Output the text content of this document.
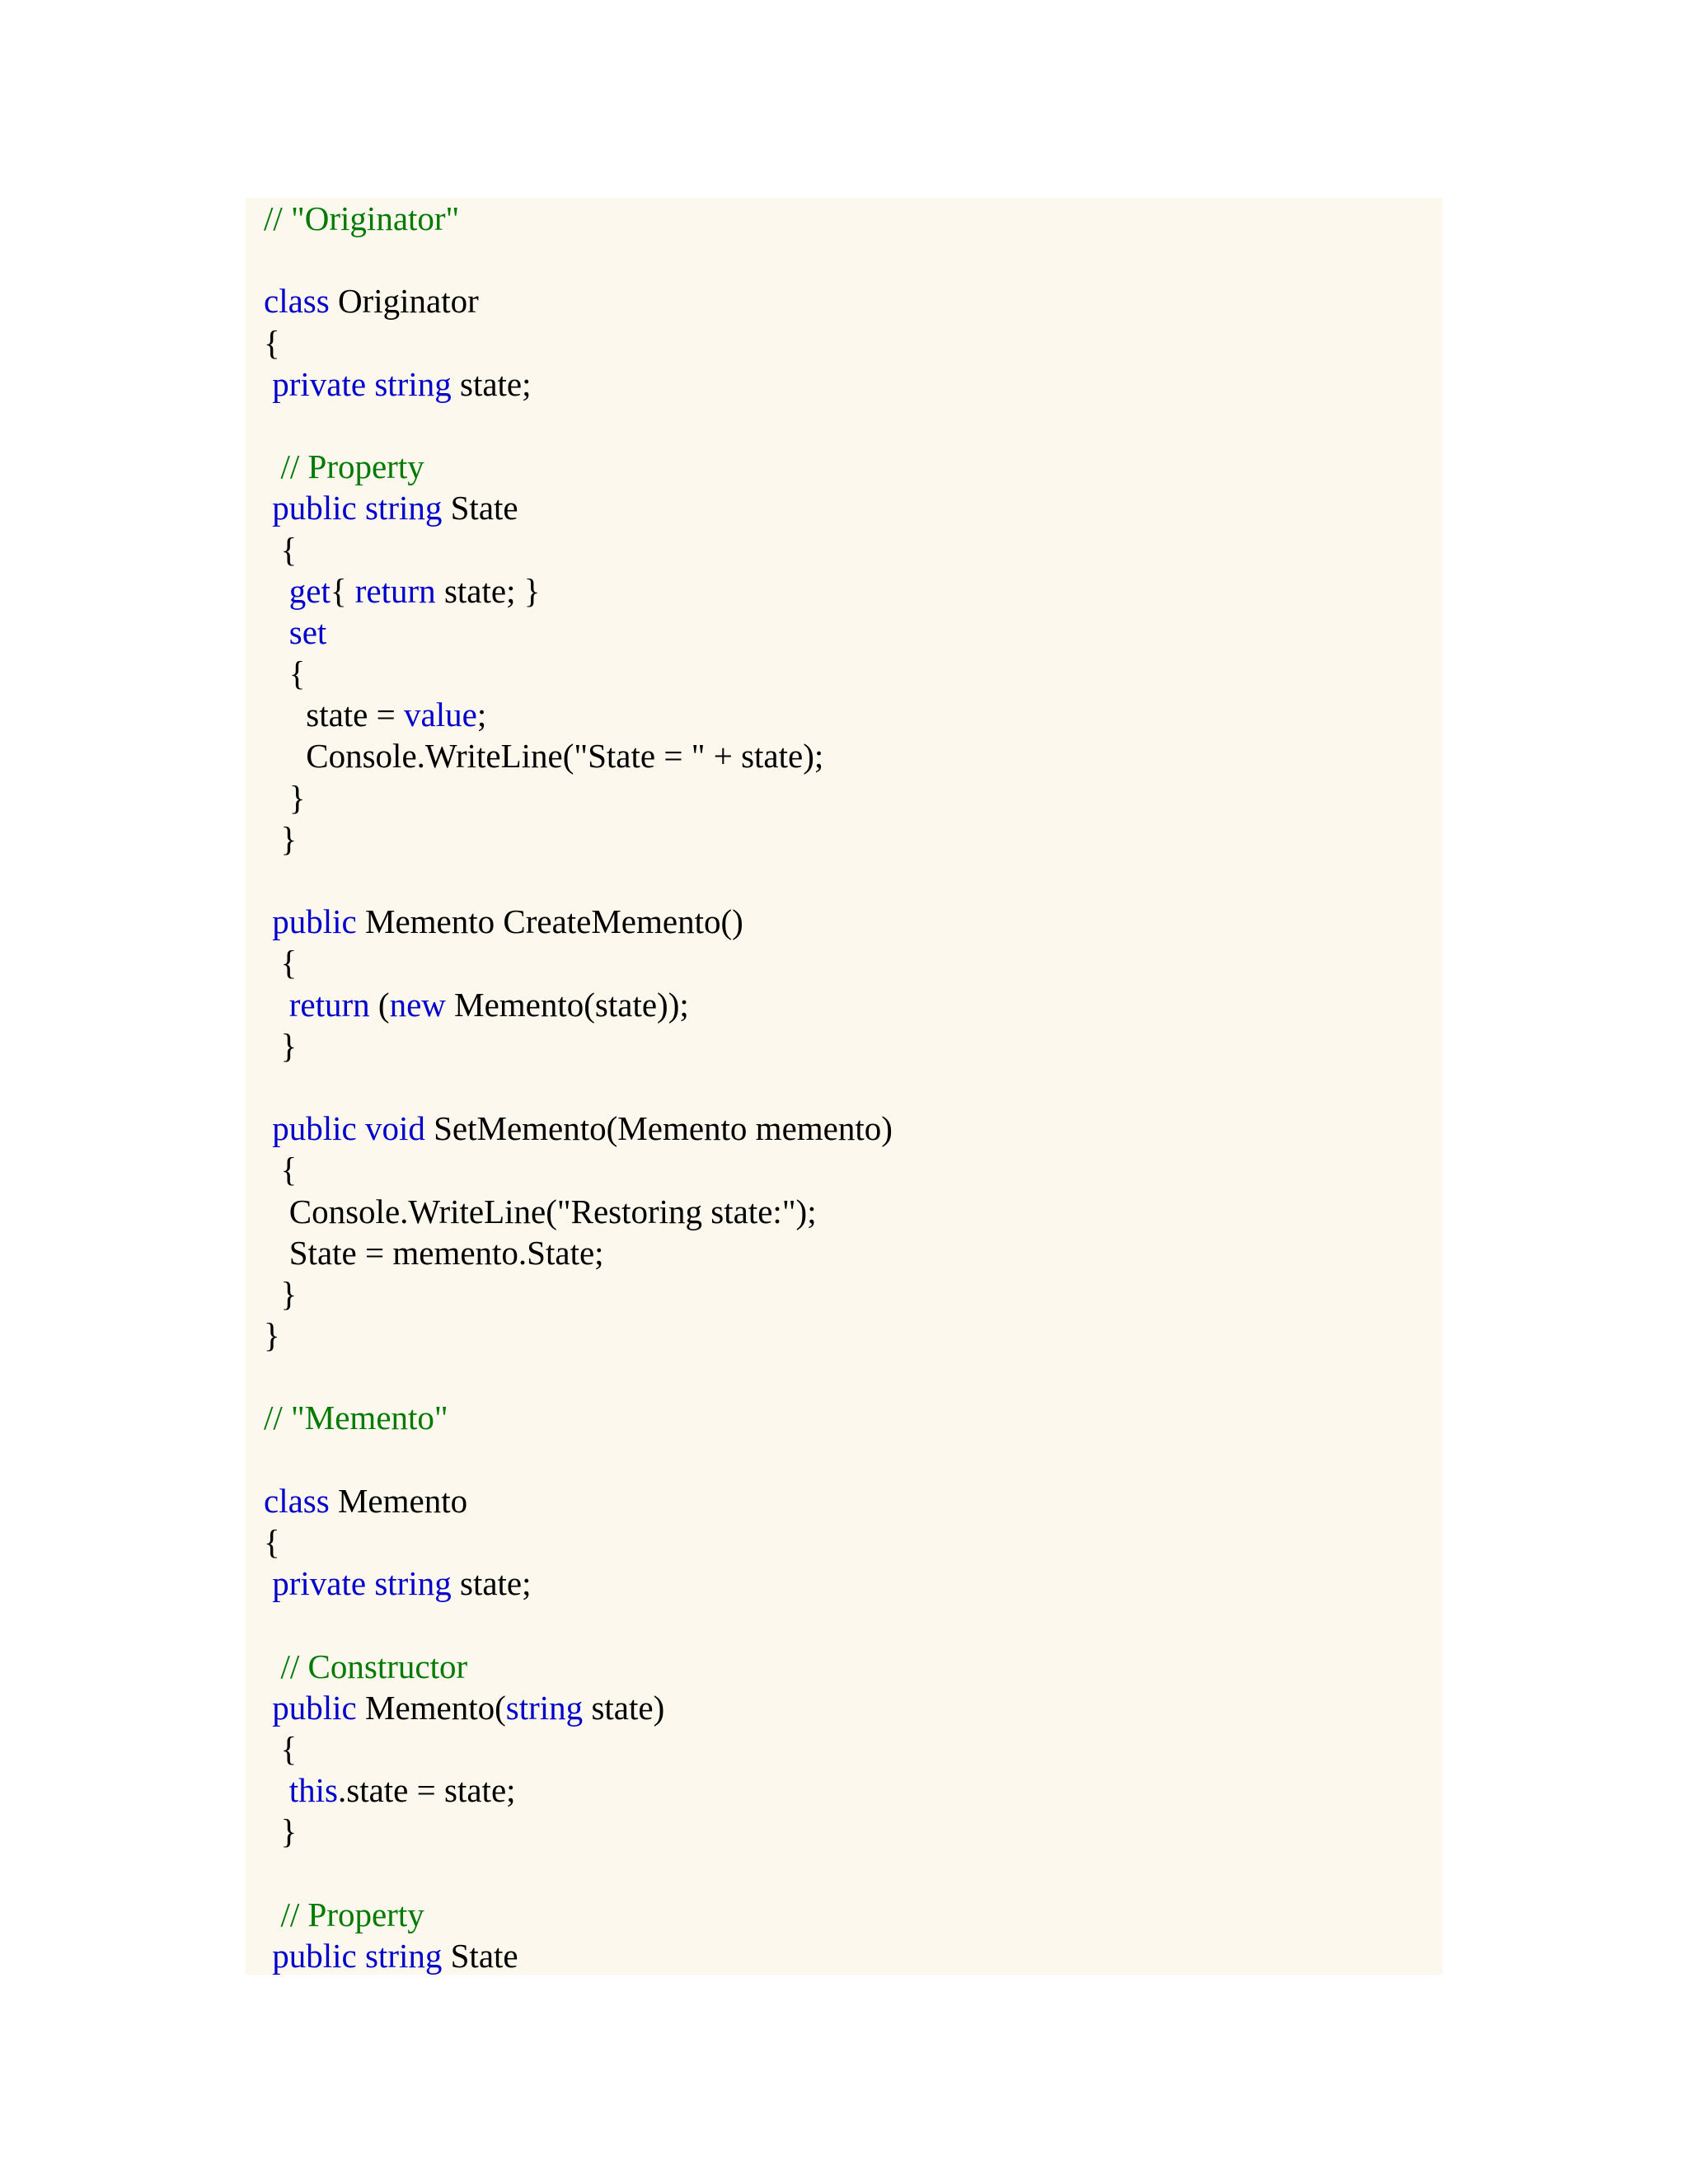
// "Originator"
class Originator
{
private string state;
// Property
public string State
{
get{ return state; }
set
{
state = value;
Console.WriteLine("State = " + state);
}
}
public Memento CreateMemento()
{
return (new Memento(state));
}
public void SetMemento(Memento memento)
{
Console.WriteLine("Restoring state:");
State = memento.State;
}
}
// "Memento"
class Memento
{
private string state;
// Constructor
public Memento(string state)
{
this.state = state;
}
// Property
public string State
